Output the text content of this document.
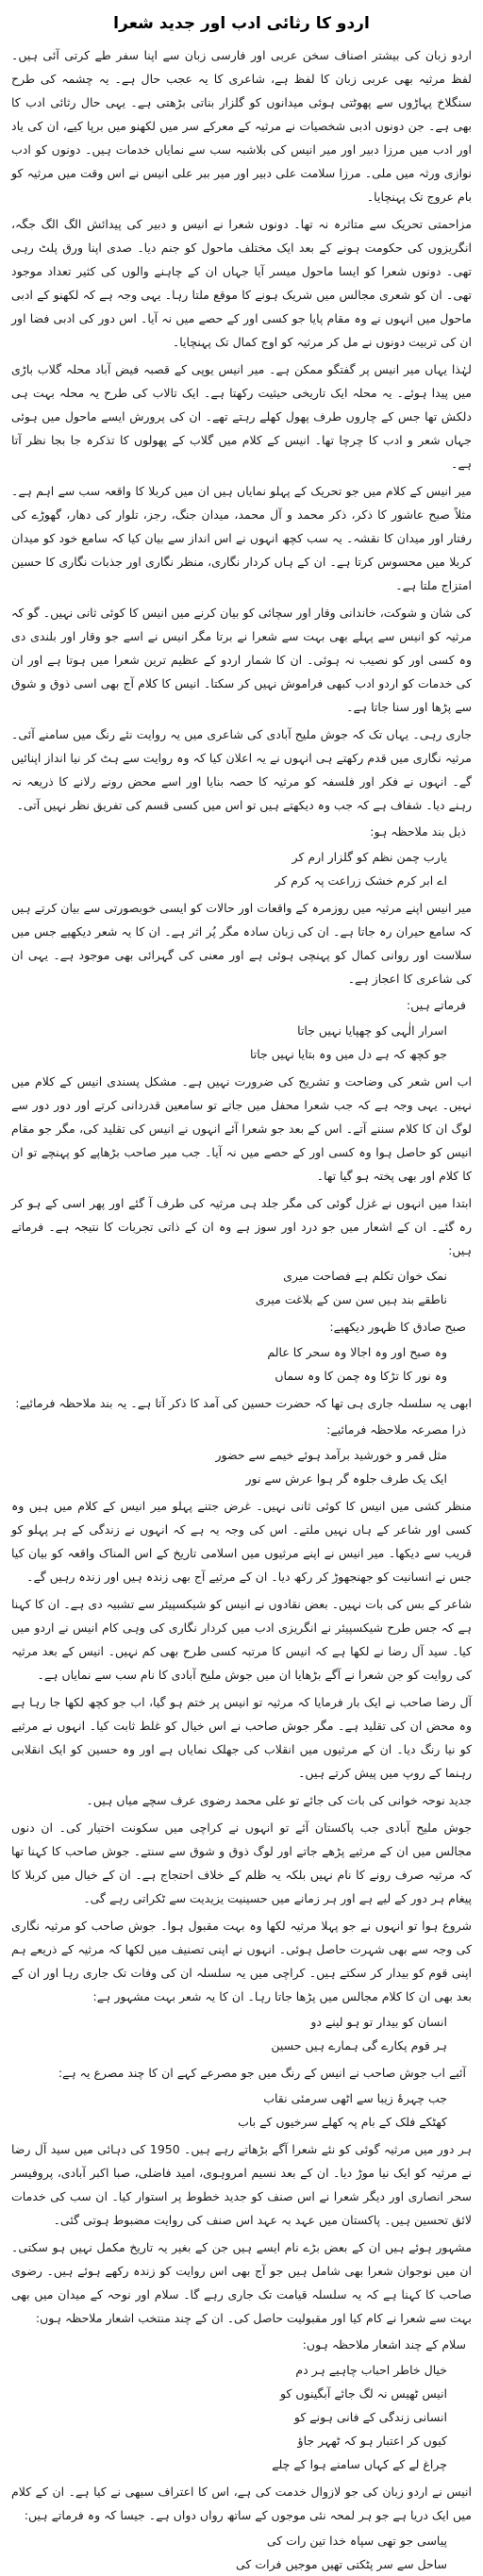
اردو کا رثائی ادب اور جدید شعرا

اردو زبان کی بیشتر اصناف سخن عربی اور فارسی زبان سے اپنا سفر طے کرتی آئی ہیں۔ لفظ مرثیہ بھی عربی زبان کا لفظ ہے، شاعری کا یہ عجب حال ہے۔ یہ چشمہ کی طرح سنگلاخ پہاڑوں سے پھوٹتی ہوئی میدانوں کو گلزار بناتی بڑھتی ہے۔ یہی حال رثائی ادب کا بھی ہے۔ جن دونوں ادبی شخصیات نے مرثیہ کے معرکے سر میں لکھنو میں برپا کیے، ان کی یاد اور ادب میں مرزا دبیر اور میر انیس کی بلاشبہ سب سے نمایاں خدمات ہیں۔ دونوں کو ادب نوازی ورثہ میں ملی۔ مرزا سلامت علی دبیر اور میر ببر علی انیس نے اس وقت میں مرثیہ کو بام عروج تک پہنچایا۔

مزاحمتی تحریک سے متاثرہ نہ تھا۔ دونوں شعرا نے انیس و دبیر کی پیدائش الگ الگ جگہ، انگریزوں کی حکومت ہونے کے بعد ایک مختلف ماحول کو جنم دیا۔ صدی اپنا ورق پلٹ رہی تھی۔ دونوں شعرا کو ایسا ماحول میسر آیا جہاں ان کے چاہنے والوں کی کثیر تعداد موجود تھی۔ ان کو شعری مجالس میں شریک ہونے کا موقع ملتا رہا۔ یہی وجہ ہے کہ لکھنو کے ادبی ماحول میں انہوں نے وہ مقام پایا جو کسی اور کے حصے میں نہ آیا۔ اس دور کی ادبی فضا اور ان کی تربیت دونوں نے مل کر مرثیہ کو اوج کمال تک پہنچایا۔

لہٰذا یہاں میر انیس پر گفتگو ممکن ہے۔ میر انیس یوپی کے قصبہ فیض آباد محلہ گلاب باڑی میں پیدا ہوئے۔ یہ محلہ ایک تاریخی حیثیت رکھتا ہے۔ ایک تالاب کی طرح یہ محلہ بہت ہی دلکش تھا جس کے چاروں طرف پھول کھلے رہتے تھے۔ ان کی پرورش ایسے ماحول میں ہوئی جہاں شعر و ادب کا چرچا تھا۔ انیس کے کلام میں گلاب کے پھولوں کا تذکرہ جا بجا نظر آتا ہے۔

میر انیس کے کلام میں جو تحریک کے پہلو نمایاں ہیں ان میں کربلا کا واقعہ سب سے اہم ہے۔ مثلاً صبح عاشور کا ذکر، ذکر محمد و آل محمد، میدان جنگ، رجز، تلوار کی دھار، گھوڑے کی رفتار اور میدان کا نقشہ۔ یہ سب کچھ انہوں نے اس انداز سے بیان کیا کہ سامع خود کو میدان کربلا میں محسوس کرتا ہے۔ ان کے ہاں کردار نگاری، منظر نگاری اور جذبات نگاری کا حسین امتزاج ملتا ہے۔

کی شان و شوکت، خاندانی وقار اور سچائی کو بیان کرنے میں انیس کا کوئی ثانی نہیں۔ گو کہ مرثیہ کو انیس سے پہلے بھی بہت سے شعرا نے برتا مگر انیس نے اسے جو وقار اور بلندی دی وہ کسی اور کو نصیب نہ ہوئی۔ ان کا شمار اردو کے عظیم ترین شعرا میں ہوتا ہے اور ان کی خدمات کو اردو ادب کبھی فراموش نہیں کر سکتا۔ انیس کا کلام آج بھی اسی ذوق و شوق سے پڑھا اور سنا جاتا ہے۔

جاری رہی۔ یہاں تک کہ جوش ملیح آبادی کی شاعری میں یہ روایت نئے رنگ میں سامنے آئی۔ مرثیہ نگاری میں قدم رکھتے ہی انہوں نے یہ اعلان کیا کہ وہ روایت سے ہٹ کر نیا انداز اپنائیں گے۔ انہوں نے فکر اور فلسفہ کو مرثیہ کا حصہ بنایا اور اسے محض رونے رلانے کا ذریعہ نہ رہنے دیا۔ شفاف ہے کہ جب وہ دیکھتے ہیں تو اس میں کسی قسم کی تفریق نظر نہیں آتی۔

ذیل بند ملاحظہ ہو:
یارب چمن نظم کو گلزار ارم کر
اے ابر کرم خشک زراعت پہ کرم کر

میر انیس اپنے مرثیہ میں روزمرہ کے واقعات اور حالات کو ایسی خوبصورتی سے بیان کرتے ہیں کہ سامع حیران رہ جاتا ہے۔ ان کی زبان سادہ مگر پُر اثر ہے۔ ان کا یہ شعر دیکھیے جس میں سلاست اور روانی کمال کو پہنچی ہوئی ہے اور معنی کی گہرائی بھی موجود ہے۔ یہی ان کی شاعری کا اعجاز ہے۔

فرماتے ہیں:
اسرار الٰہی کو چھپایا نہیں جاتا
جو کچھ کہ ہے دل میں وہ بتایا نہیں جاتا

اب اس شعر کی وضاحت و تشریح کی ضرورت نہیں ہے۔ مشکل پسندی انیس کے کلام میں نہیں۔ یہی وجہ ہے کہ جب شعرا محفل میں جاتے تو سامعین قدردانی کرتے اور دور دور سے لوگ ان کا کلام سننے آتے۔ اس کے بعد جو شعرا آئے انہوں نے انیس کی تقلید کی، مگر جو مقام انیس کو حاصل ہوا وہ کسی اور کے حصے میں نہ آیا۔ جب میر صاحب بڑھاپے کو پہنچے تو ان کا کلام اور بھی پختہ ہو گیا تھا۔

ابتدا میں انہوں نے غزل گوئی کی مگر جلد ہی مرثیہ کی طرف آ گئے اور پھر اسی کے ہو کر رہ گئے۔ ان کے اشعار میں جو درد اور سوز ہے وہ ان کے ذاتی تجربات کا نتیجہ ہے۔ فرماتے ہیں:

نمک خوان تکلم ہے فصاحت میری
ناطقے بند ہیں سن سن کے بلاغت میری
صبح صادق کا ظہور دیکھیے:
وہ صبح اور وہ اجالا وہ سحر کا عالم
وہ نور کا تڑکا وہ چمن کا وہ سماں

ابھی یہ سلسلہ جاری ہی تھا کہ حضرت حسین کی آمد کا ذکر آتا ہے۔ یہ بند ملاحظہ فرمائیے:

ذرا مصرعہ ملاحظہ فرمائیے:
مثل قمر و خورشید برآمد ہوئے خیمے سے حضور
ایک یک طرف جلوہ گر ہوا عرش سے نور

منظر کشی میں انیس کا کوئی ثانی نہیں۔ غرض جتنے پہلو میر انیس کے کلام میں ہیں وہ کسی اور شاعر کے ہاں نہیں ملتے۔ اس کی وجہ یہ ہے کہ انہوں نے زندگی کے ہر پہلو کو قریب سے دیکھا۔ میر انیس نے اپنے مرثیوں میں اسلامی تاریخ کے اس المناک واقعہ کو بیان کیا جس نے انسانیت کو جھنجھوڑ کر رکھ دیا۔ ان کے مرثیے آج بھی زندہ ہیں اور زندہ رہیں گے۔

شاعر کے بس کی بات نہیں۔ بعض نقادوں نے انیس کو شیکسپیئر سے تشبیہ دی ہے۔ ان کا کہنا ہے کہ جس طرح شیکسپیئر نے انگریزی ادب میں کردار نگاری کی وہی کام انیس نے اردو میں کیا۔ سید آل رضا نے لکھا ہے کہ انیس کا مرتبہ کسی طرح بھی کم نہیں۔ انیس کے بعد مرثیہ کی روایت کو جن شعرا نے آگے بڑھایا ان میں جوش ملیح آبادی کا نام سب سے نمایاں ہے۔

آل رضا صاحب نے ایک بار فرمایا کہ مرثیہ تو انیس پر ختم ہو گیا، اب جو کچھ لکھا جا رہا ہے وہ محض ان کی تقلید ہے۔ مگر جوش صاحب نے اس خیال کو غلط ثابت کیا۔ انہوں نے مرثیے کو نیا رنگ دیا۔ ان کے مرثیوں میں انقلاب کی جھلک نمایاں ہے اور وہ حسین کو ایک انقلابی رہنما کے روپ میں پیش کرتے ہیں۔

جدید نوحہ خوانی کی بات کی جائے تو علی محمد رضوی عرف سچے میاں ہیں۔

جوش ملیح آبادی جب پاکستان آئے تو انہوں نے کراچی میں سکونت اختیار کی۔ ان دنوں مجالس میں ان کے مرثیے پڑھے جاتے اور لوگ ذوق و شوق سے سنتے۔ جوش صاحب کا کہنا تھا کہ مرثیہ صرف رونے کا نام نہیں بلکہ یہ ظلم کے خلاف احتجاج ہے۔ ان کے خیال میں کربلا کا پیغام ہر دور کے لیے ہے اور ہر زمانے میں حسینیت یزیدیت سے ٹکراتی رہے گی۔

شروع ہوا تو انہوں نے جو پہلا مرثیہ لکھا وہ بہت مقبول ہوا۔ جوش صاحب کو مرثیہ نگاری کی وجہ سے بھی شہرت حاصل ہوئی۔ انہوں نے اپنی تصنیف میں لکھا کہ مرثیہ کے ذریعے ہم اپنی قوم کو بیدار کر سکتے ہیں۔ کراچی میں یہ سلسلہ ان کی وفات تک جاری رہا اور ان کے بعد بھی ان کا کلام مجالس میں پڑھا جاتا رہا۔ ان کا یہ شعر بہت مشہور ہے:

انسان کو بیدار تو ہو لینے دو
ہر قوم پکارے گی ہمارے ہیں حسین
آئیے اب جوش صاحب نے انیس کے رنگ میں جو مصرعے کہے ان کا چند مصرع یہ ہے:
جب چہرۂ زیبا سے اٹھی سرمئی نقاب
کھٹکے فلک کے بام پہ کھلے سرخیوں کے باب

ہر دور میں مرثیہ گوئی کو نئے شعرا آگے بڑھاتے رہے ہیں۔ 1950 کی دہائی میں سید آل رضا نے مرثیہ کو ایک نیا موڑ دیا۔ ان کے بعد نسیم امروہوی، امید فاضلی، صبا اکبر آبادی، پروفیسر سحر انصاری اور دیگر شعرا نے اس صنف کو جدید خطوط پر استوار کیا۔ ان سب کی خدمات لائق تحسین ہیں۔ پاکستان میں عہد بہ عہد اس صنف کی روایت مضبوط ہوتی گئی۔

مشہور ہوئے ہیں ان کے بعض بڑے نام ایسے ہیں جن کے بغیر یہ تاریخ مکمل نہیں ہو سکتی۔ ان میں نوجوان شعرا بھی شامل ہیں جو آج بھی اس روایت کو زندہ رکھے ہوئے ہیں۔ رضوی صاحب کا کہنا ہے کہ یہ سلسلہ قیامت تک جاری رہے گا۔ سلام اور نوحہ کے میدان میں بھی بہت سے شعرا نے کام کیا اور مقبولیت حاصل کی۔ ان کے چند منتخب اشعار ملاحظہ ہوں:

سلام کے چند اشعار ملاحظہ ہوں:
خیال خاطر احباب چاہیے ہر دم
انیس ٹھیس نہ لگ جائے آبگینوں کو
انسانی زندگی کے فانی ہونے کو
کیوں کر اعتبار ہو کہ ٹھہر جاؤ
چراغ لے کے کہاں سامنے ہوا کے چلے

انیس نے اردو زبان کی جو لازوال خدمت کی ہے، اس کا اعتراف سبھی نے کیا ہے۔ ان کے کلام میں ایک دریا ہے جو ہر لمحہ نئی موجوں کے ساتھ رواں دواں ہے۔ جیسا کہ وہ فرماتے ہیں:

پیاسی جو تھی سپاہ خدا تین رات کی
ساحل سے سر پٹکتی تھیں موجیں فرات کی
